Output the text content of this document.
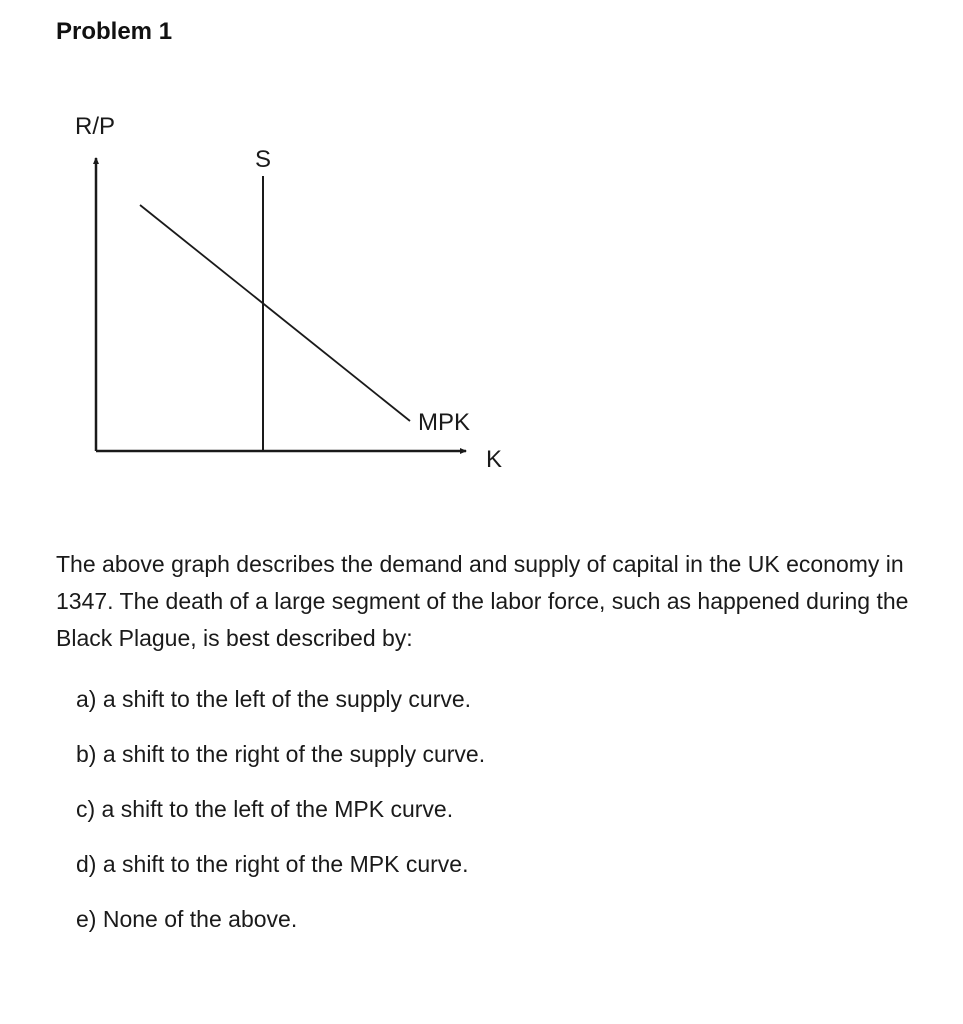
Problem 1
R/P
S
MPK
K
The above graph describes the demand and supply of capital in the UK economy in 1347. The death of a large segment of the labor force, such as happened during the Black Plague, is best described by:
a) a shift to the left of the supply curve.
b) a shift to the right of the supply curve.
c) a shift to the left of the MPK curve.
d) a shift to the right of the MPK curve.
e) None of the above.
